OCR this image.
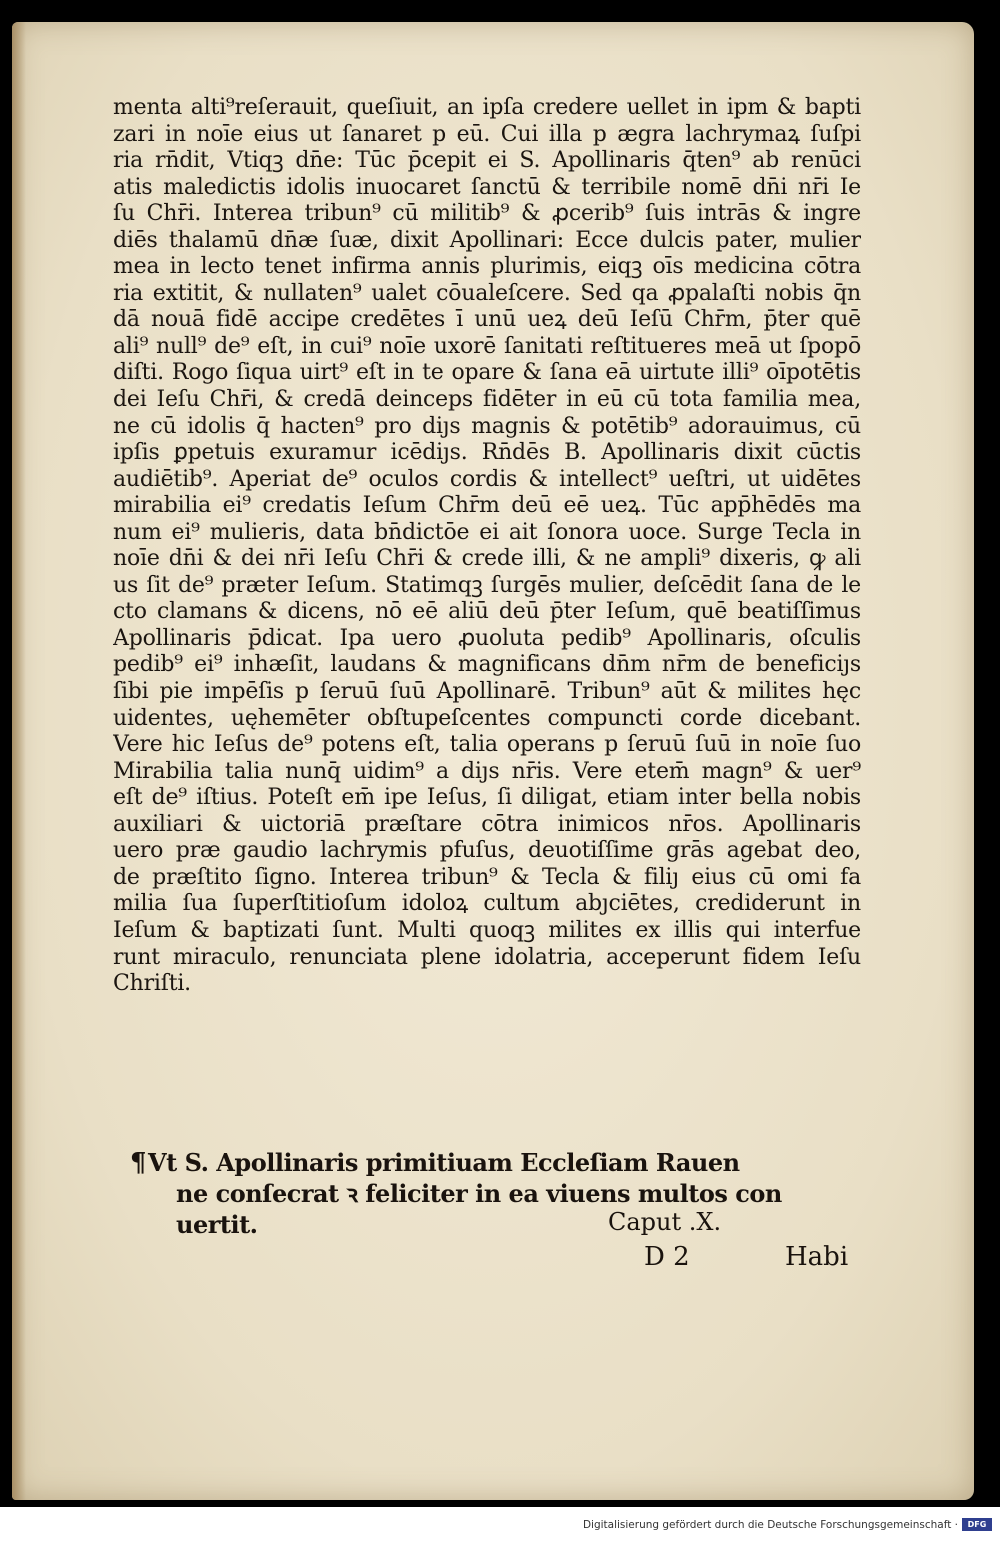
menta alti⁹reſerauit, queſiuit, an ipſa credere uellet in ipm & bapti
zari in noīe eius ut ſanaret̄ p eū. Cui illa p ægra lachrymaꝝ ſuſpi
ria rn̄dit, Vtiqꝫ dn̄e: Tūc p̄cepit ei S. Apollinaris q̄ten⁹ ab renūci
atis maledictis idolis inuocaret ſanctū & terribile nomē dn̄i nr̄i Ie
ſu Chr̄i. Interea tribun⁹ cū militib⁹ & ꝓcerib⁹ ſuis intrās & ingre
diēs thalamū dn̄æ ſuæ, dixit Apollinari: Ecce dulcis pater, mulier
mea in lecto tenet̄ infirma annis plurimis, eiqꝫ oīs medicina cōtra
ria extitit, & nullaten⁹ ualet cōualeſcere. Sed qa ꝓpalaſti nobis q̄n
dā nouā fidē accipe credētes ī unū ueꝝ deū Ieſū Chr̄m, p̄ter quē
ali⁹ null⁹ de⁹ eſt, in cui⁹ noīe uxorē ſanitati reſtitueres meā ut ſpopō
diſti. Rogo ſiqua uirt⁹ eſt in te opare & ſana eā uirtute illi⁹ oīpotētis
dei Ieſu Chr̄i, & credā deinceps fidēter in eū cū tota familia mea,
ne cū idolis q̄ hacten⁹ pro diȷs magnis & potētib⁹ adorauimus, cū
ipſis ꝑpetuis exuramur icēdiȷs. Rn̄dēs B. Apollinaris dixit cūctis
audiētib⁹. Aperiat de⁹ oculos cordis & intellect⁹ ueſtri, ut uidētes
mirabilia ei⁹ credatis Ieſum Chr̄m deū eē ueꝝ. Tūc app̄hēdēs ma
num ei⁹ mulieris, data bn̄dictōe ei ait ſonora uoce. Surge Tecla in
noīe dn̄i & dei nr̄i Ieſu Chr̄i & crede illi, & ne ampli⁹ dixeris, ꝙ ali
us ſit de⁹ præter Ieſum. Statimqꝫ ſurgēs mulier, deſcēdit ſana de le
cto clamans & dicens, nō eē aliū deū p̄ter Ieſum, quē beatiſſimus
Apollinaris p̄dicat. Ipa uero ꝓuoluta pedib⁹ Apollinaris, oſculis
pedib⁹ ei⁹ inhæſit, laudans & magnificans dn̄m nr̄m de beneficiȷs
ſibi pie impēſis p ſeruū ſuū Apollinarē. Tribun⁹ aūt & milites hęc
uidentes, uęhemēter obſtupeſcentes compuncti corde dicebant.
Vere hic Ieſus de⁹ potens eſt, talia operans p ſeruū ſuū in noīe ſuo
Mirabilia talia nunq̄ uidim⁹ a diȷs nr̄is. Vere etem̄ magn⁹ & uer⁹
eſt de⁹ iſtius. Poteſt em̄ ipe Ieſus, ſi diligat̄, etiam inter bella nobis
auxiliari & uictoriā præſtare cōtra inimicos nr̄os. Apollinaris
uero præ gaudio lachrymis pfuſus, deuotiſſime grās agebat deo,
de præſtito ſigno. Interea tribun⁹ & Tecla & filiȷ eius cū omi fa
milia ſua ſuperſtitioſum idoloꝝ cultum abȷciētes, crediderunt in
Ieſum & baptizati ſunt. Multi quoqꝫ milites ex illis qui interfue
runt miraculo, renunciata plene idolatria, acceperunt fidem Ieſu
Chriſti.
¶Vt S. Apollinaris primitiuam Eccleſiam Rauen
ne conſecrat ꝛ feliciter in ea viuens multos con
uertit.	Caput .X.
D 2	Habi
Digitalisierung gefördert durch die Deutsche Forschungsgemeinschaft ·	DFG
